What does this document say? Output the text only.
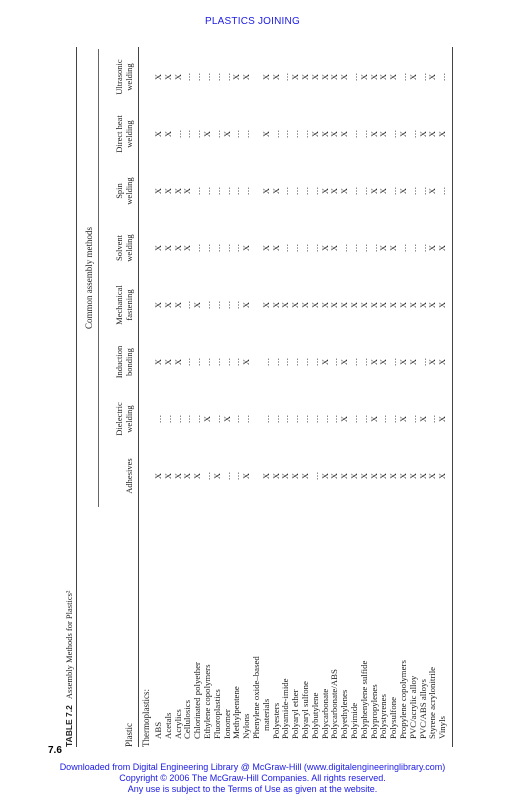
PLASTICS JOINING
TABLE 7.2Assembly Methods for Plastics²
Common assembly methods
Plastic Thermoplastics:
Adhesives
Dielectric welding
Induction bonding
Mechanical fastening
Solvent welding
Spin welding
Direct heat welding
Ultrasonic welding
ABS
X
…
X
X
X
X
X
X
Acetals
X
…
X
X
X
X
X
X
Acrylics
X
…
X
X
X
X
…
X
Cellulosics
X
…
…
…
X
X
…
…
Chlorinated polyether
X
…
…
X
…
…
…
…
Ethylene copolymers
…
X
…
…
…
…
X
…
Fluoroplastics
X
…
…
…
…
…
…
…
Ionomer
…
X
…
…
…
…
X
…
Methylpentene
…
…
…
…
…
…
…
X
Nylons
X
…
X
X
X
…
…
X
Phenylene oxide–based materials
X
…
…
X
X
X
X
X
Polyesters
X
…
…
X
X
X
…
X
Polyamide-imide
X
…
…
X
…
…
…
…
Polyaryl ether
X
…
…
X
…
…
…
X
Polyaryl sulfone
X
…
…
X
…
…
…
X
Polybutylene
…
…
…
X
…
…
X
X
Polycarbonate
X
…
X
X
X
X
X
X
Polycarbonate/ABS
X
…
…
X
X
X
X
X
Polyethylenes
X
X
X
X
…
X
X
X
Polyimide
X
…
…
X
…
…
…
…
Polyphenylene sulfide
X
…
…
X
…
…
…
X
Polypropylenes
X
X
X
X
…
X
X
X
Polystyrenes
X
…
X
X
X
X
X
X
Polysulfone
X
…
…
X
X
…
…
X
Propylene copolymers
X
X
X
X
…
X
X
…
PVC/acrylic alloy
X
…
X
X
…
…
…
X
PVC/ABS alloys
X
X
…
X
…
…
X
…
Styrene acrylonitrile
X
…
X
X
X
X
X
X
Vinyls
X
X
X
X
X
…
X
…
7.6
Downloaded from Digital Engineering Library @ McGraw-Hill (www.digitalengineeringlibrary.com)
Copyright © 2006 The McGraw-Hill Companies. All rights reserved.
Any use is subject to the Terms of Use as given at the website.
